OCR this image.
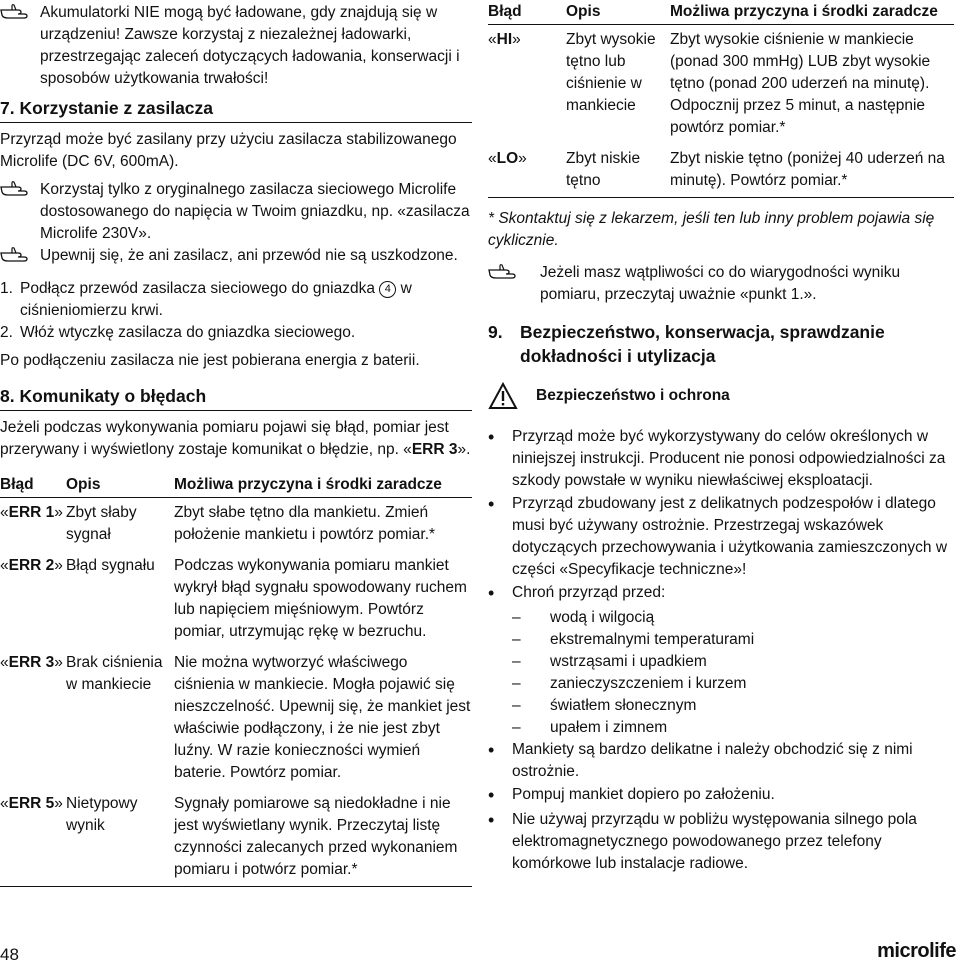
Akumulatorki NIE mogą być ładowane, gdy znajdują się w urządzeniu! Zawsze korzystaj z niezależnej ładowarki, przestrzegając zaleceń dotyczących ładowania, konserwacji i sposobów użytkowania trwałości!

7. Korzystanie z zasilacza

Przyrząd może być zasilany przy użyciu zasilacza stabilizowanego Microlife (DC 6V, 600mA).

Korzystaj tylko z oryginalnego zasilacza sieciowego Microlife dostosowanego do napięcia w Twoim gniazdku, np. «zasilacza Microlife 230V».

Upewnij się, że ani zasilacz, ani przewód nie są uszkodzone.

1. Podłącz przewód zasilacza sieciowego do gniazdka 4 w ciśnieniomierzu krwi.
2. Włóż wtyczkę zasilacza do gniazdka sieciowego.

Po podłączeniu zasilacza nie jest pobierana energia z baterii.

8. Komunikaty o błędach

Jeżeli podczas wykonywania pomiaru pojawi się błąd, pomiar jest przerywany i wyświetlony zostaje komunikat o błędzie, np. «ERR 3».

Błąd	Opis	Możliwa przyczyna i środki zaradcze
«ERR 1»	Zbyt słaby sygnał	Zbyt słabe tętno dla mankietu. Zmień położenie mankietu i powtórz pomiar.*
«ERR 2»	Błąd sygnału	Podczas wykonywania pomiaru mankiet wykrył błąd sygnału spowodowany ruchem lub napięciem mięśniowym. Powtórz pomiar, utrzymując rękę w bezruchu.
«ERR 3»	Brak ciśnienia w mankiecie	Nie można wytworzyć właściwego ciśnienia w mankiecie. Mogła pojawić się nieszczelność. Upewnij się, że mankiet jest właściwie podłączony, i że nie jest zbyt luźny. W razie konieczności wymień baterie. Powtórz pomiar.
«ERR 5»	Nietypowy wynik	Sygnały pomiarowe są niedokładne i nie jest wyświetlany wynik. Przeczytaj listę czynności zalecanych przed wykonaniem pomiaru i potwórz pomiar.*
Błąd	Opis	Możliwa przyczyna i środki zaradcze
«HI»	Zbyt wysokie tętno lub ciśnienie w mankiecie	Zbyt wysokie ciśnienie w mankiecie (ponad 300 mmHg) LUB zbyt wysokie tętno (ponad 200 uderzeń na minutę). Odpocznij przez 5 minut, a następnie powtórz pomiar.*
«LO»	Zbyt niskie tętno	Zbyt niskie tętno (poniżej 40 uderzeń na minutę). Powtórz pomiar.*

* Skontaktuj się z lekarzem, jeśli ten lub inny problem pojawia się cyklicznie.

Jeżeli masz wątpliwości co do wiarygodności wyniku pomiaru, przeczytaj uważnie «punkt 1.».

9. Bezpieczeństwo, konserwacja, sprawdzanie dokładności i utylizacja
Bezpieczeństwo i ochrona
•
Przyrząd może być wykorzystywany do celów określonych w niniejszej instrukcji. Producent nie ponosi odpowiedzialności za szkody powstałe w wyniku niewłaściwej eksploatacji.
•
Przyrząd zbudowany jest z delikatnych podzespołów i dlatego musi być używany ostrożnie. Przestrzegaj wskazówek dotyczących przechowywania i użytkowania zamieszczonych w części «Specyfikacje techniczne»!
•
Chroń przyrząd przed:
–	wodą i wilgocią
–	ekstremalnymi temperaturami
–	wstrząsami i upadkiem
–	zanieczyszczeniem i kurzem
–	światłem słonecznym
–	upałem i zimnem
•
Mankiety są bardzo delikatne i należy obchodzić się z nimi ostrożnie.
•
Pompuj mankiet dopiero po założeniu.
•
Nie używaj przyrządu w pobliżu występowania silnego pola elektromagnetycznego powodowanego przez telefony komórkowe lub instalacje radiowe.
48	microlife
